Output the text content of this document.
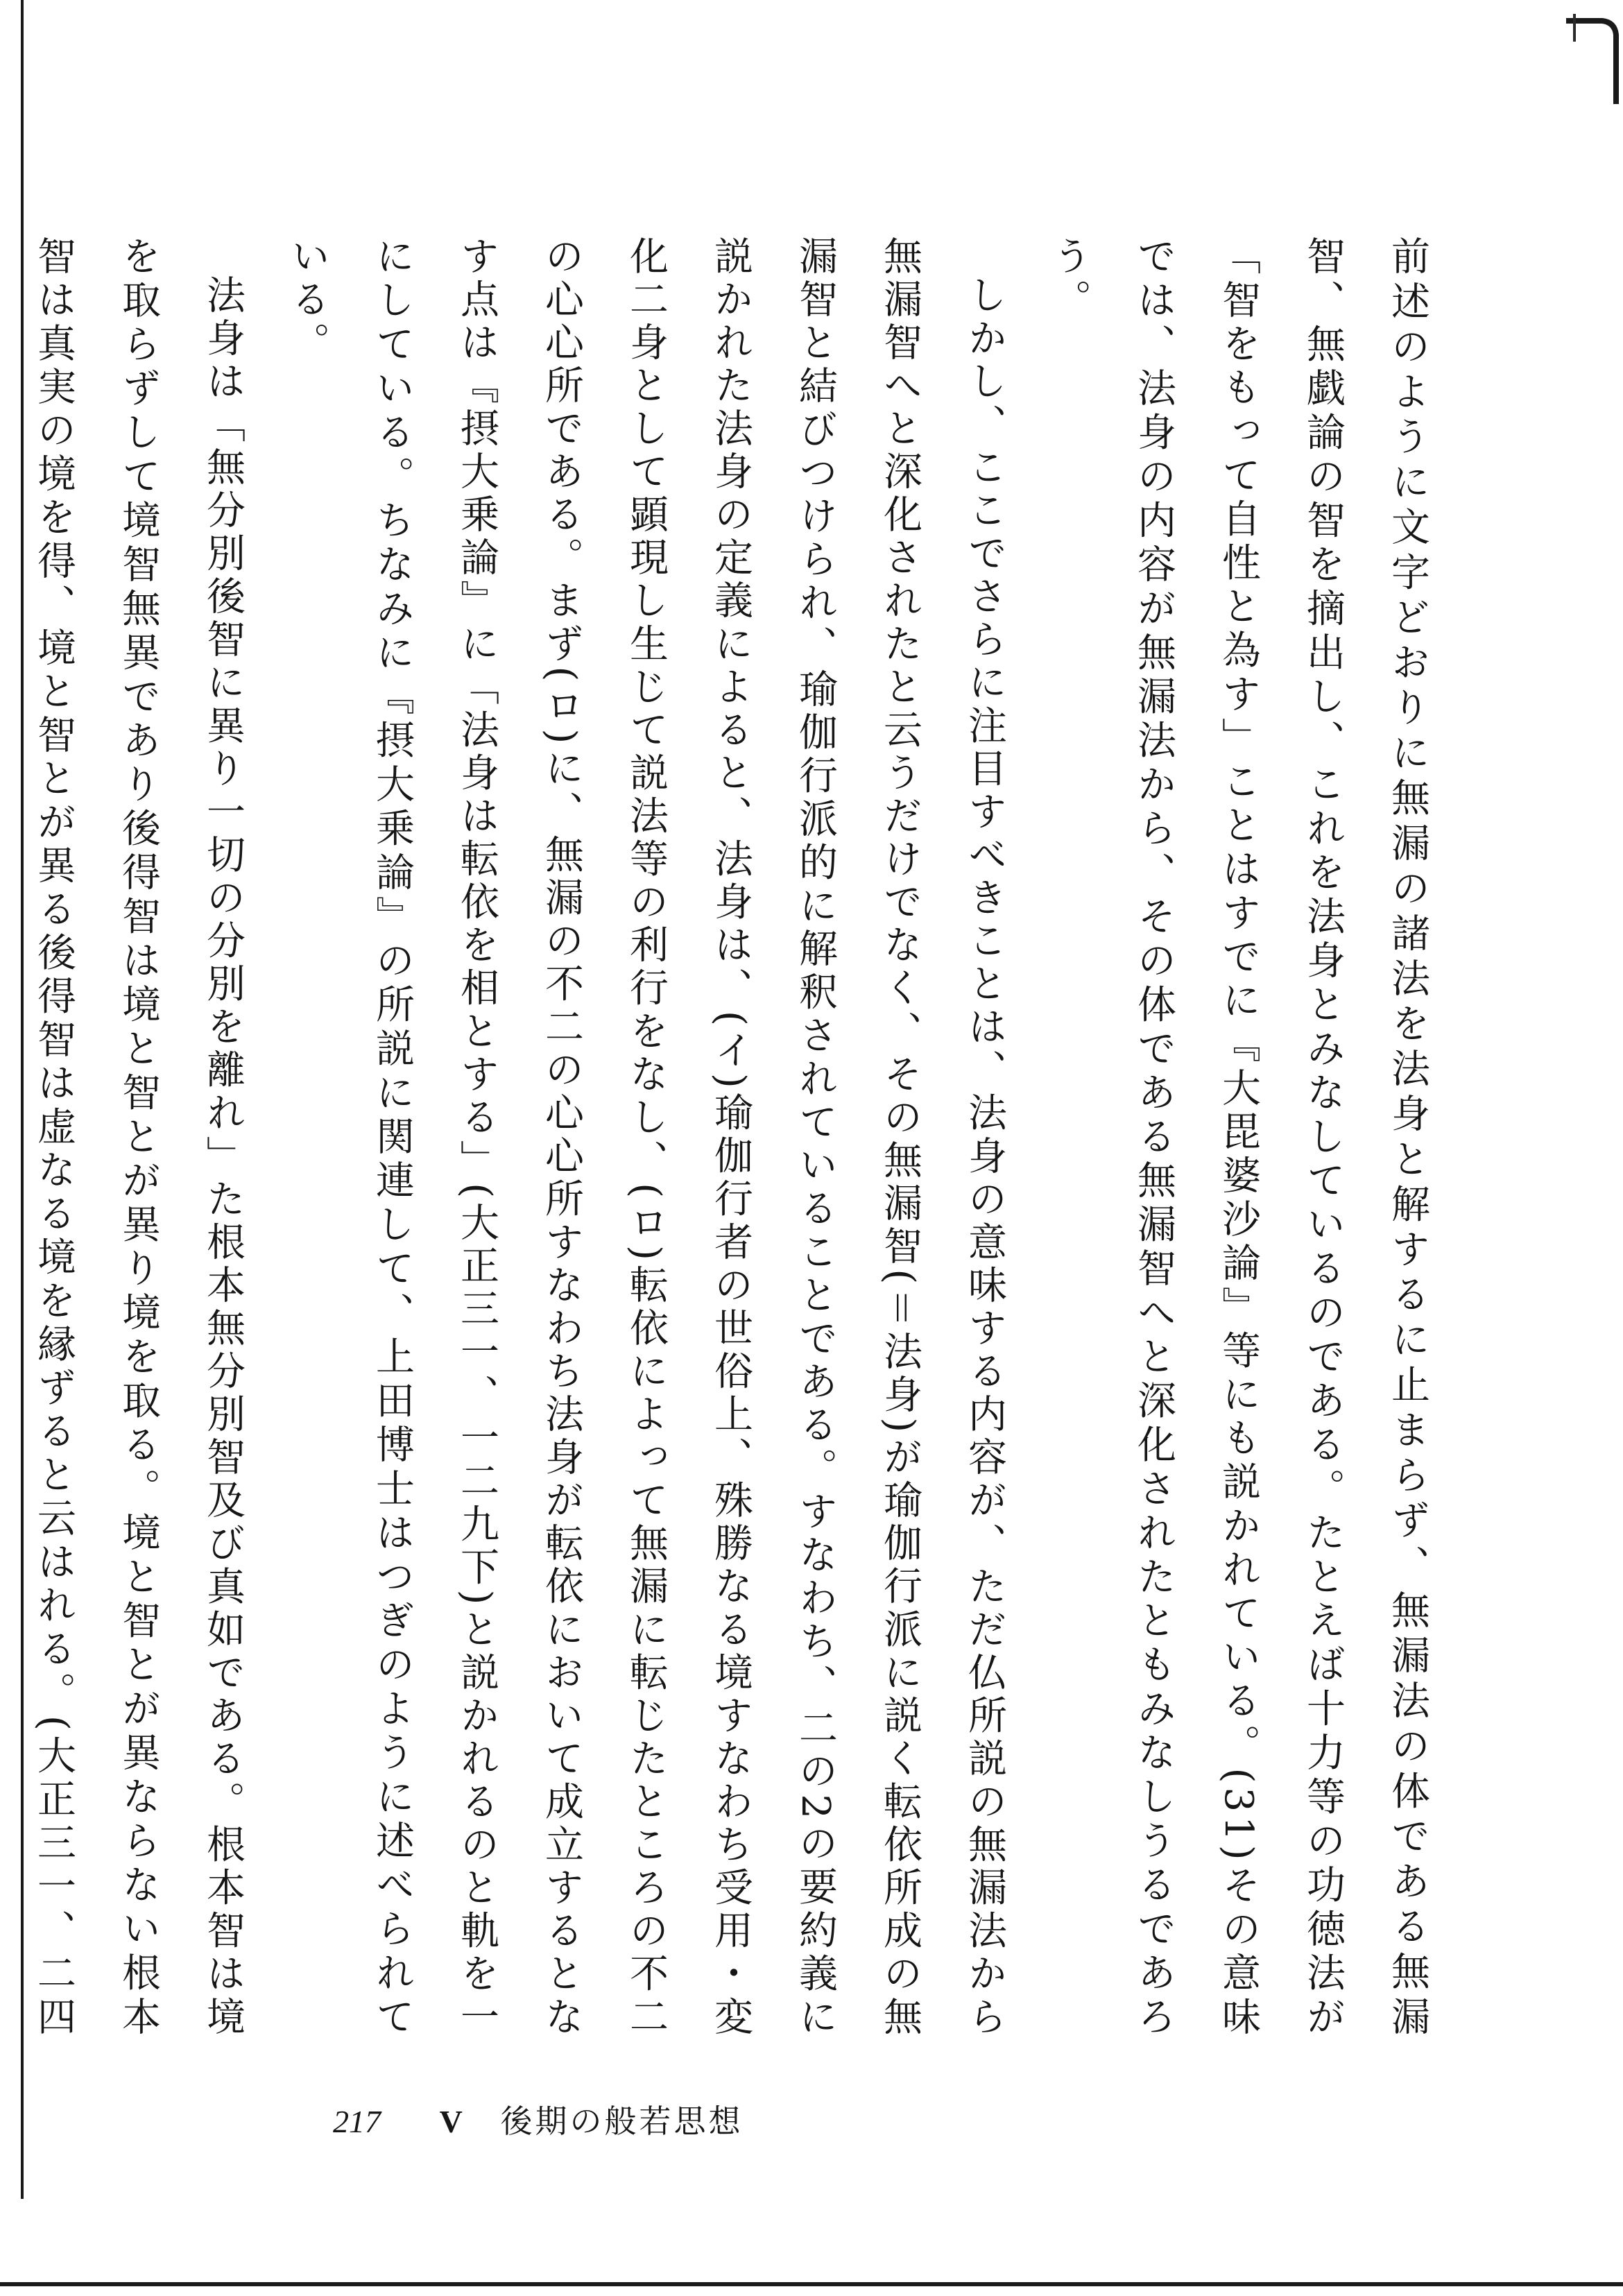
前述のように文字どおりに無漏の諸法を法身と解するに止まらず、無漏法の体である無漏智、無戯論の智を摘出し、これを法身とみなしているのである。たとえば十力等の功徳法が「智をもって自性と為す」ことはすでに『大毘婆沙論』等にも説かれている。(31)その意味では、法身の内容が無漏法から、その体である無漏智へと深化されたともみなしうるであろう。

しかし、ここでさらに注目すべきことは、法身の意味する内容が、ただ仏所説の無漏法から無漏智へと深化されたと云うだけでなく、その無漏智(＝法身)が瑜伽行派に説く転依所成の無漏智と結びつけられ、瑜伽行派的に解釈されていることである。すなわち、二の2の要約義に説かれた法身の定義によると、法身は、(イ)瑜伽行者の世俗上、殊勝なる境すなわち受用・変化二身として顕現し生じて説法等の利行をなし、(ロ)転依によって無漏に転じたところの不二の心心所である。まず(ロ)に、無漏の不二の心心所すなわち法身が転依において成立するとなす点は『摂大乗論』に「法身は転依を相とする」(大正三一、一二九下)と説かれるのと軌を一にしている。ちなみに『摂大乗論』の所説に関連して、上田博士はつぎのように述べられている。

法身は「無分別後智に異り一切の分別を離れ」た根本無分別智及び真如である。根本智は境を取らずして境智無異であり後得智は境と智とが異り境を取る。境と智とが異ならない根本智は真実の境を得、境と智とが異る後得智は虚なる境を縁ずると云はれる。(大正三一、二四

217 V 後期の般若思想
